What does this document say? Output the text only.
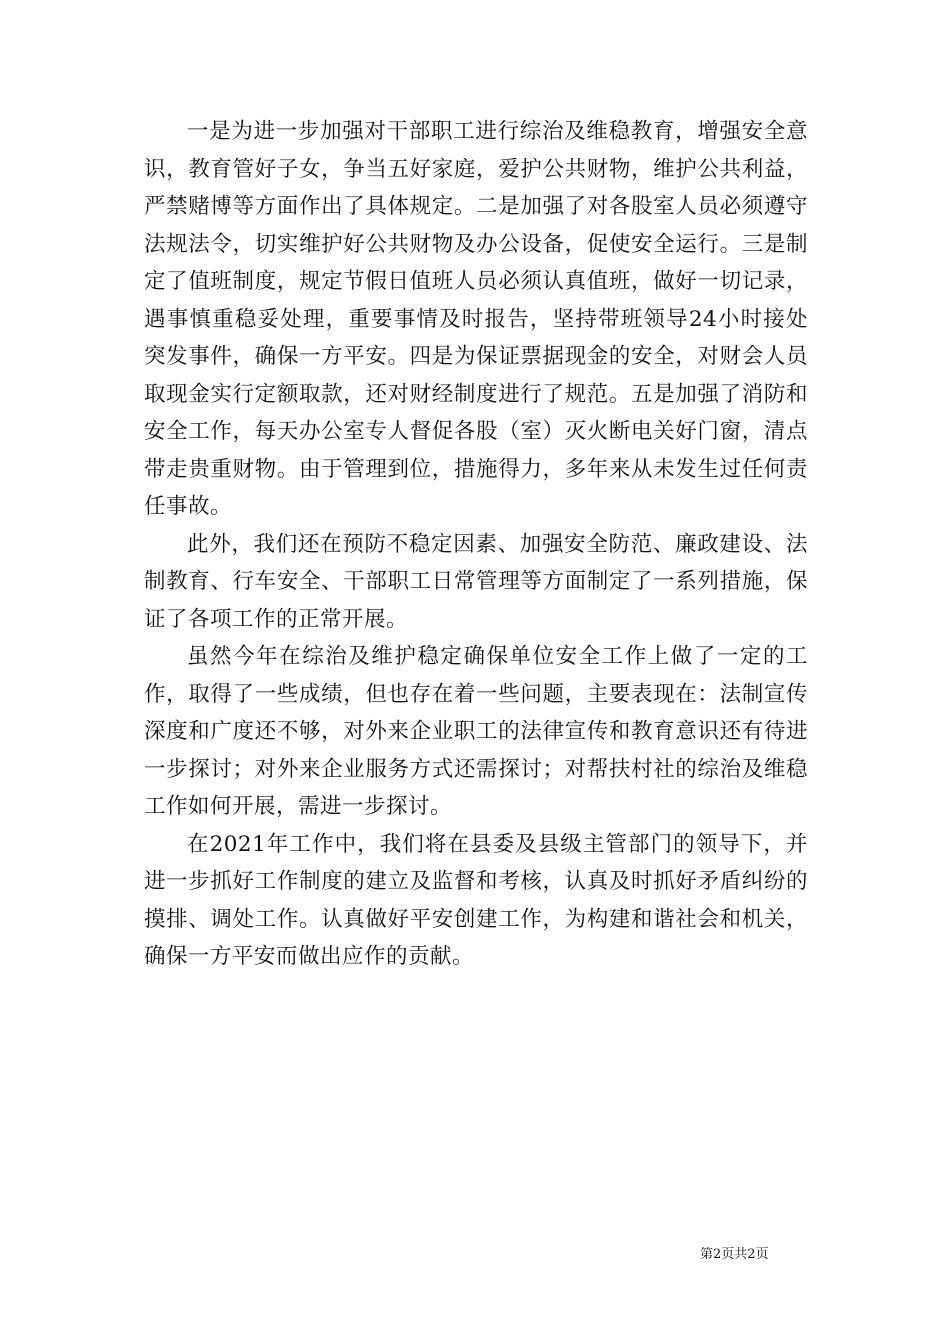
一是为进一步加强对干部职工进行综治及维稳教育，增强安全意识，教育管好子女，争当五好家庭，爱护公共财物，维护公共利益，严禁赌博等方面作出了具体规定。二是加强了对各股室人员必须遵守法规法令，切实维护好公共财物及办公设备，促使安全运行。三是制定了值班制度，规定节假日值班人员必须认真值班，做好一切记录，遇事慎重稳妥处理，重要事情及时报告，坚持带班领导24小时接处突发事件，确保一方平安。四是为保证票据现金的安全，对财会人员取现金实行定额取款，还对财经制度进行了规范。五是加强了消防和安全工作，每天办公室专人督促各股（室）灭火断电关好门窗，清点带走贵重财物。由于管理到位，措施得力，多年来从未发生过任何责任事故。

此外，我们还在预防不稳定因素、加强安全防范、廉政建设、法制教育、行车安全、干部职工日常管理等方面制定了一系列措施，保证了各项工作的正常开展。

虽然今年在综治及维护稳定确保单位安全工作上做了一定的工作，取得了一些成绩，但也存在着一些问题，主要表现在：法制宣传深度和广度还不够，对外来企业职工的法律宣传和教育意识还有待进一步探讨；对外来企业服务方式还需探讨；对帮扶村社的综治及维稳工作如何开展，需进一步探讨。

在2021年工作中，我们将在县委及县级主管部门的领导下，并进一步抓好工作制度的建立及监督和考核，认真及时抓好矛盾纠纷的摸排、调处工作。认真做好平安创建工作，为构建和谐社会和机关，确保一方平安而做出应作的贡献。

第2页共2页
